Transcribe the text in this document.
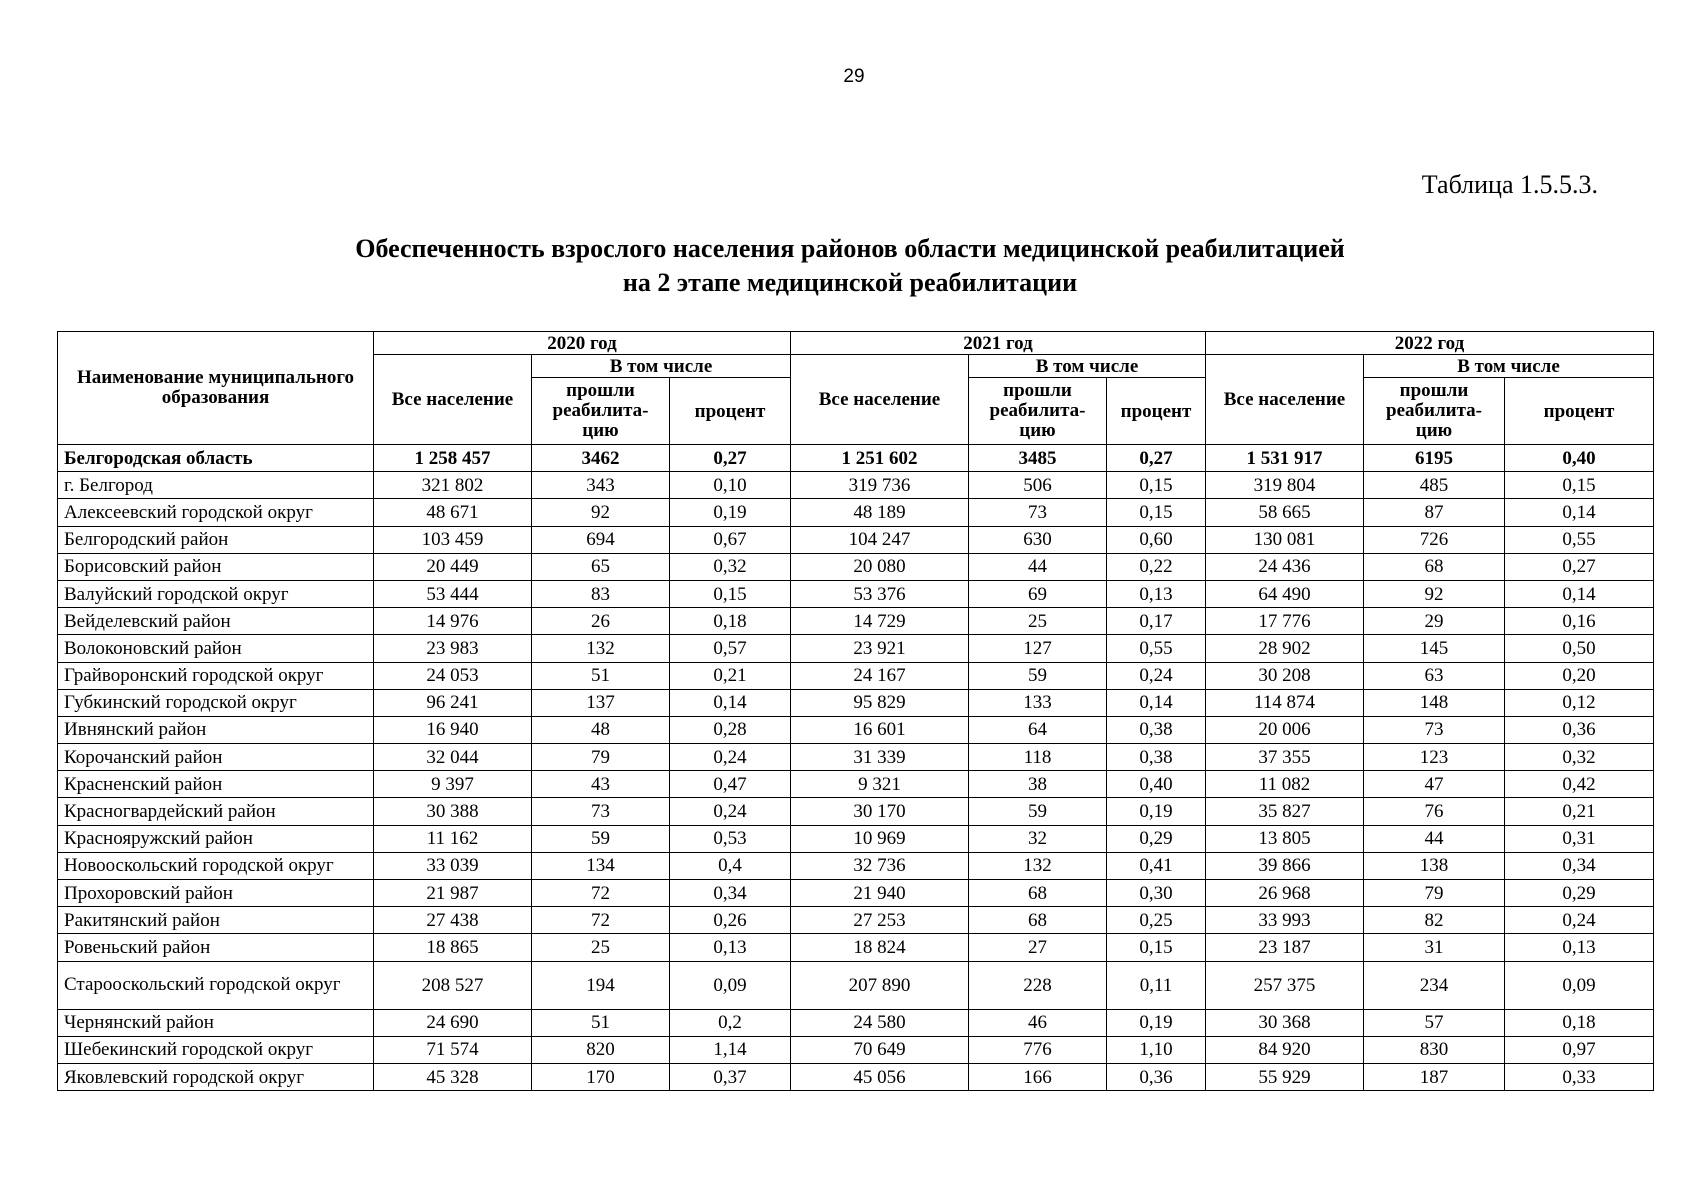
29
Таблица 1.5.5.3.
Обеспеченность взрослого населения районов области медицинской реабилитацией
на 2 этапе медицинской реабилитации
Наименование муниципального образования	2020 год			2021 год			2022 год		
	Все население	В том числе		Все население	В том числе		Все население	В том числе	
		прошли реабилита-цию	процент		прошли реабилита-цию	процент		прошли реабилита-цию	процент
Белгородская область	1 258 457	3462	0,27	1 251 602	3485	0,27	1 531 917	6195	0,40
г. Белгород	321 802	343	0,10	319 736	506	0,15	319 804	485	0,15
Алексеевский городской округ	48 671	92	0,19	48 189	73	0,15	58 665	87	0,14
Белгородский район	103 459	694	0,67	104 247	630	0,60	130 081	726	0,55
Борисовский район	20 449	65	0,32	20 080	44	0,22	24 436	68	0,27
Валуйский городской округ	53 444	83	0,15	53 376	69	0,13	64 490	92	0,14
Вейделевский район	14 976	26	0,18	14 729	25	0,17	17 776	29	0,16
Волоконовский район	23 983	132	0,57	23 921	127	0,55	28 902	145	0,50
Грайворонский городской округ	24 053	51	0,21	24 167	59	0,24	30 208	63	0,20
Губкинский городской округ	96 241	137	0,14	95 829	133	0,14	114 874	148	0,12
Ивнянский район	16 940	48	0,28	16 601	64	0,38	20 006	73	0,36
Корочанский район	32 044	79	0,24	31 339	118	0,38	37 355	123	0,32
Красненский район	9 397	43	0,47	9 321	38	0,40	11 082	47	0,42
Красногвардейский район	30 388	73	0,24	30 170	59	0,19	35 827	76	0,21
Краснояружский район	11 162	59	0,53	10 969	32	0,29	13 805	44	0,31
Новооскольский городской округ	33 039	134	0,4	32 736	132	0,41	39 866	138	0,34
Прохоровский район	21 987	72	0,34	21 940	68	0,30	26 968	79	0,29
Ракитянский район	27 438	72	0,26	27 253	68	0,25	33 993	82	0,24
Ровеньский район	18 865	25	0,13	18 824	27	0,15	23 187	31	0,13
Старооскольский городской округ	208 527	194	0,09	207 890	228	0,11	257 375	234	0,09
Чернянский район	24 690	51	0,2	24 580	46	0,19	30 368	57	0,18
Шебекинский городской округ	71 574	820	1,14	70 649	776	1,10	84 920	830	0,97
Яковлевский городской округ	45 328	170	0,37	45 056	166	0,36	55 929	187	0,33
